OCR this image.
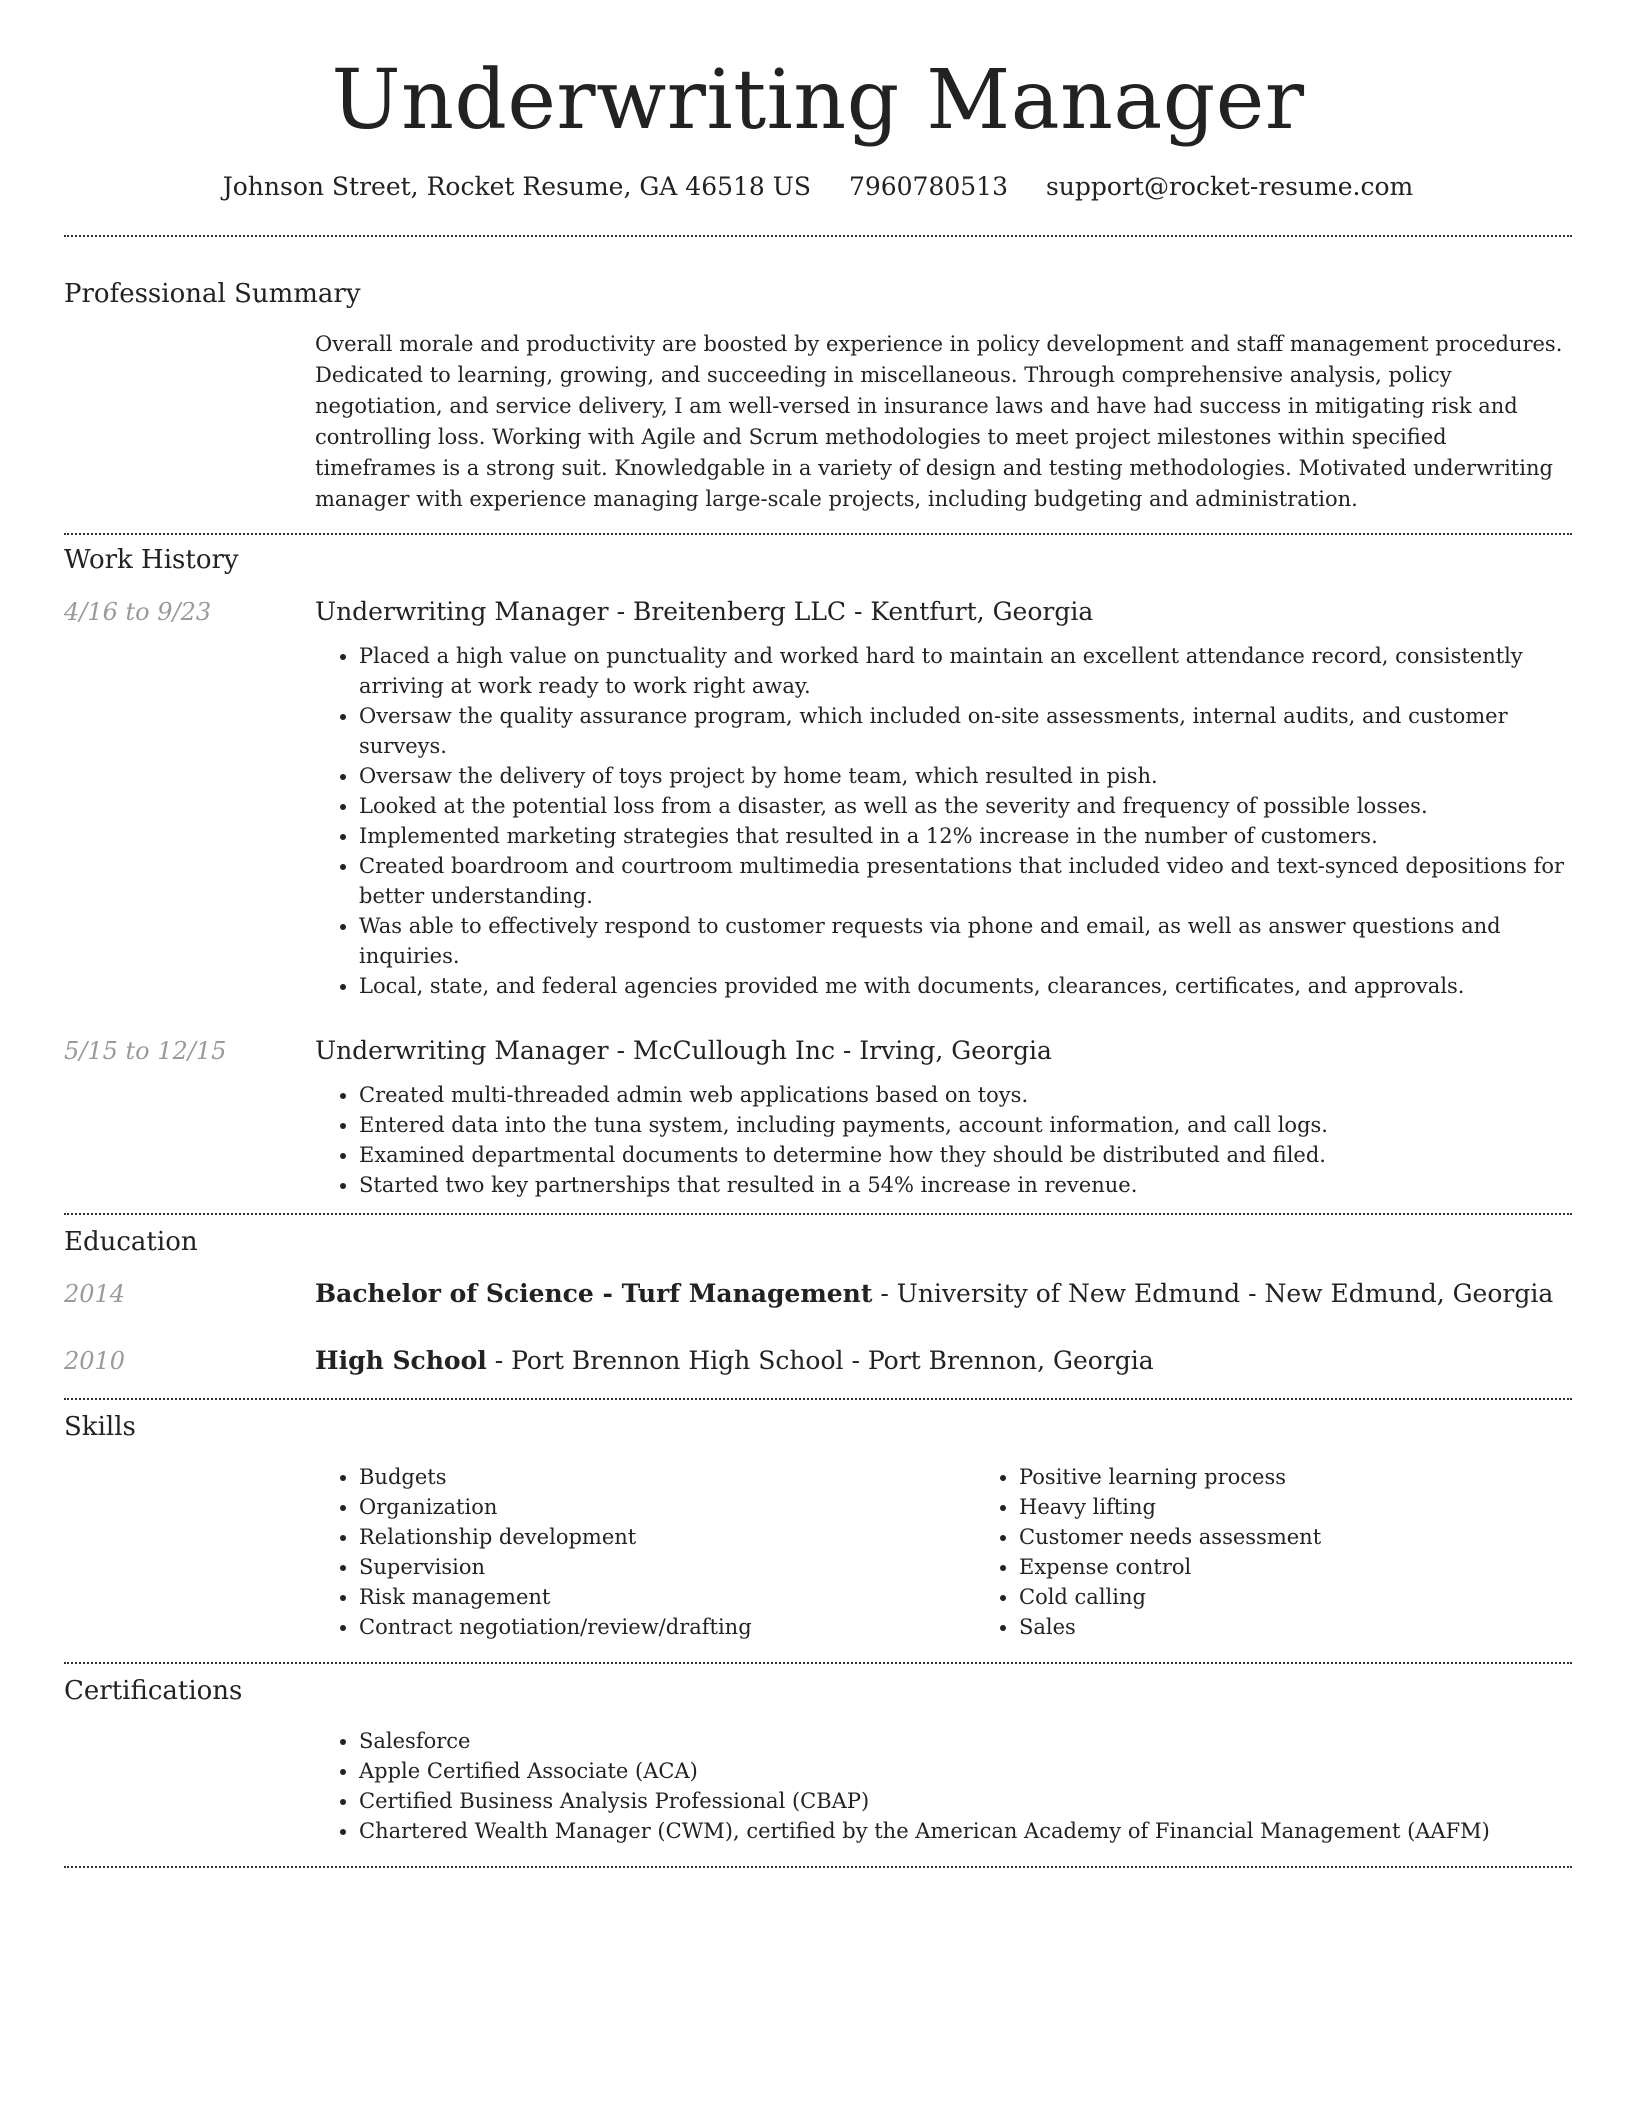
Underwriting Manager
Johnson Street, Rocket Resume, GA 46518 US 7960780513 support@rocket-resume.com
Professional Summary
Overall morale and productivity are boosted by experience in policy development and staff management procedures. Dedicated to learning, growing, and succeeding in miscellaneous. Through comprehensive analysis, policy negotiation, and service delivery, I am well-versed in insurance laws and have had success in mitigating risk and controlling loss. Working with Agile and Scrum methodologies to meet project milestones within specified timeframes is a strong suit. Knowledgable in a variety of design and testing methodologies. Motivated underwriting manager with experience managing large-scale projects, including budgeting and administration.
Work History
4/16 to 9/23	Underwriting Manager - Breitenberg LLC - Kentfurt, Georgia
• Placed a high value on punctuality and worked hard to maintain an excellent attendance record, consistently arriving at work ready to work right away.
• Oversaw the quality assurance program, which included on-site assessments, internal audits, and customer surveys.
• Oversaw the delivery of toys project by home team, which resulted in pish.
• Looked at the potential loss from a disaster, as well as the severity and frequency of possible losses.
• Implemented marketing strategies that resulted in a 12% increase in the number of customers.
• Created boardroom and courtroom multimedia presentations that included video and text-synced depositions for better understanding.
• Was able to effectively respond to customer requests via phone and email, as well as answer questions and inquiries.
• Local, state, and federal agencies provided me with documents, clearances, certificates, and approvals.
5/15 to 12/15	Underwriting Manager - McCullough Inc - Irving, Georgia
• Created multi-threaded admin web applications based on toys.
• Entered data into the tuna system, including payments, account information, and call logs.
• Examined departmental documents to determine how they should be distributed and filed.
• Started two key partnerships that resulted in a 54% increase in revenue.
Education
2014	Bachelor of Science - Turf Management - University of New Edmund - New Edmund, Georgia
2010	High School - Port Brennon High School - Port Brennon, Georgia
Skills
• Budgets
• Organization
• Relationship development
• Supervision
• Risk management
• Contract negotiation/review/drafting
• Positive learning process
• Heavy lifting
• Customer needs assessment
• Expense control
• Cold calling
• Sales
Certifications
• Salesforce
• Apple Certified Associate (ACA)
• Certified Business Analysis Professional (CBAP)
• Chartered Wealth Manager (CWM), certified by the American Academy of Financial Management (AAFM)
